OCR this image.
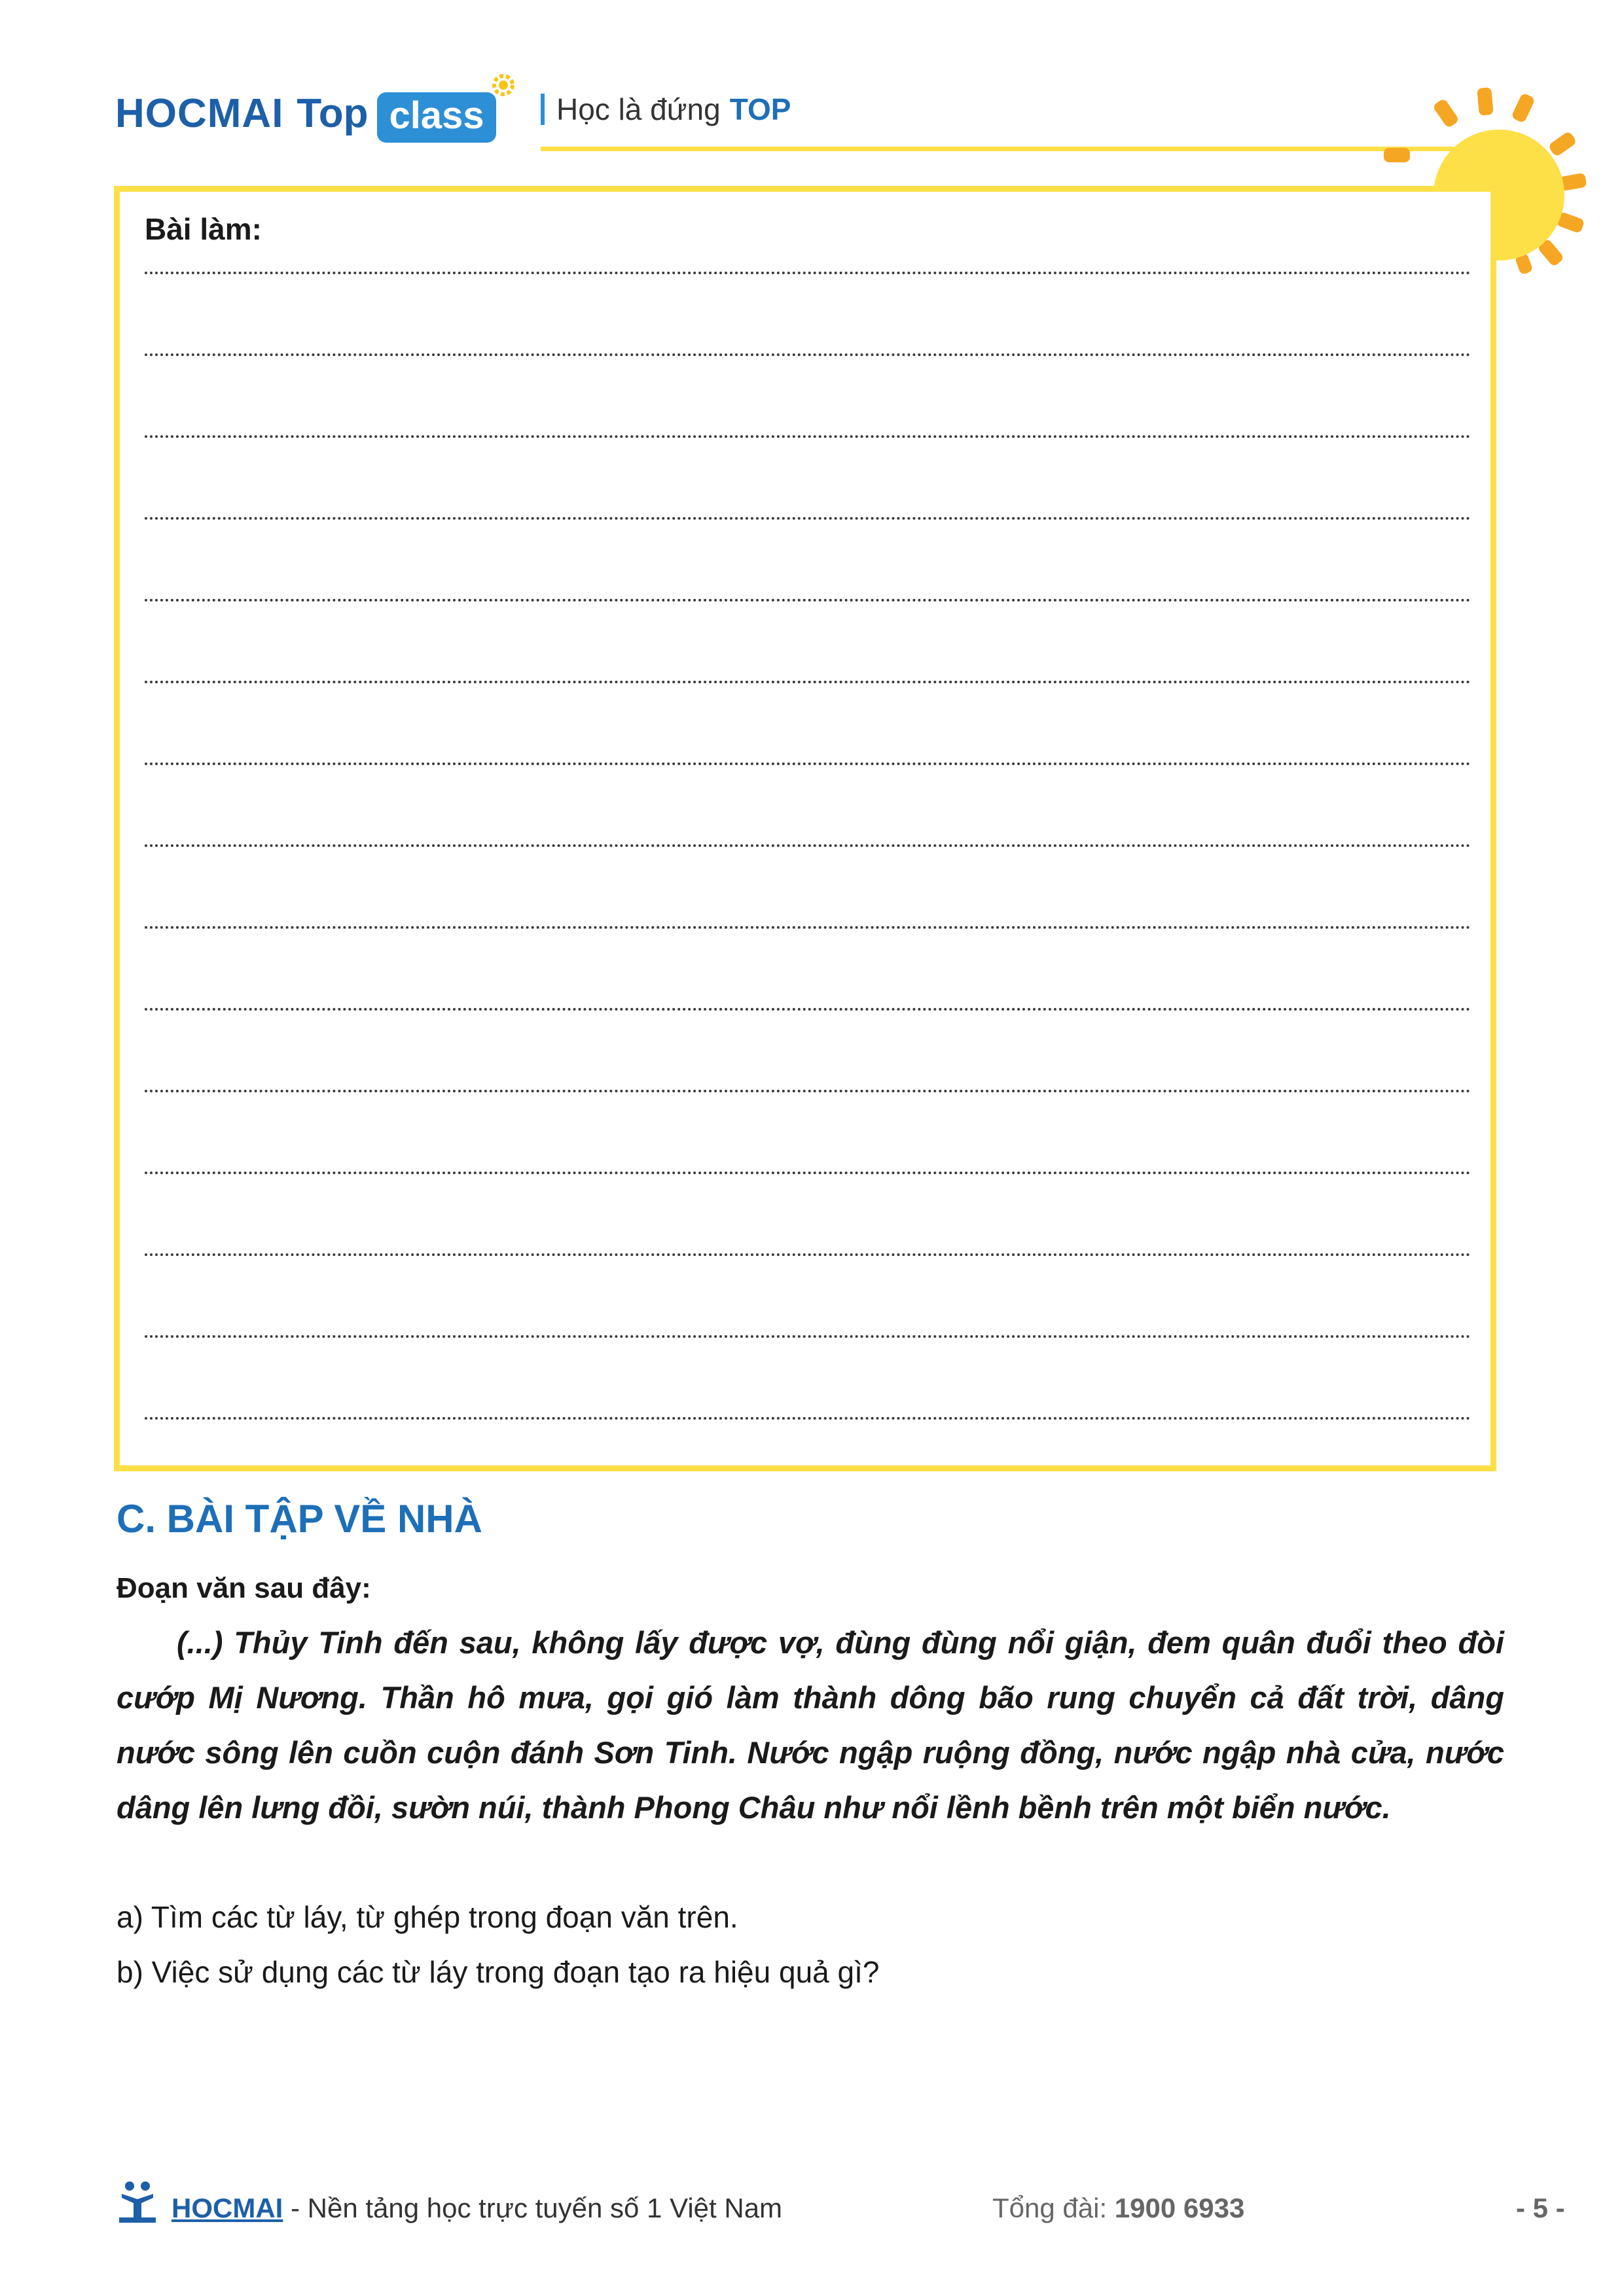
HOCMAI Top class	Học là đứng TOP
Bài làm:
C. BÀI TẬP VỀ NHÀ
Đoạn văn sau đây:

(...) Thủy Tinh đến sau, không lấy được vợ, đùng đùng nổi giận, đem quân đuổi theo đòi cướp Mị Nương. Thần hô mưa, gọi gió làm thành dông bão rung chuyển cả đất trời, dâng nước sông lên cuồn cuộn đánh Sơn Tinh. Nước ngập ruộng đồng, nước ngập nhà cửa, nước dâng lên lưng đồi, sườn núi, thành Phong Châu như nổi lềnh bềnh trên một biển nước.

a) Tìm các từ láy, từ ghép trong đoạn văn trên.
b) Việc sử dụng các từ láy trong đoạn tạo ra hiệu quả gì?
HOCMAI - Nền tảng học trực tuyến số 1 Việt Nam	Tổng đài: 1900 6933	- 5 -
